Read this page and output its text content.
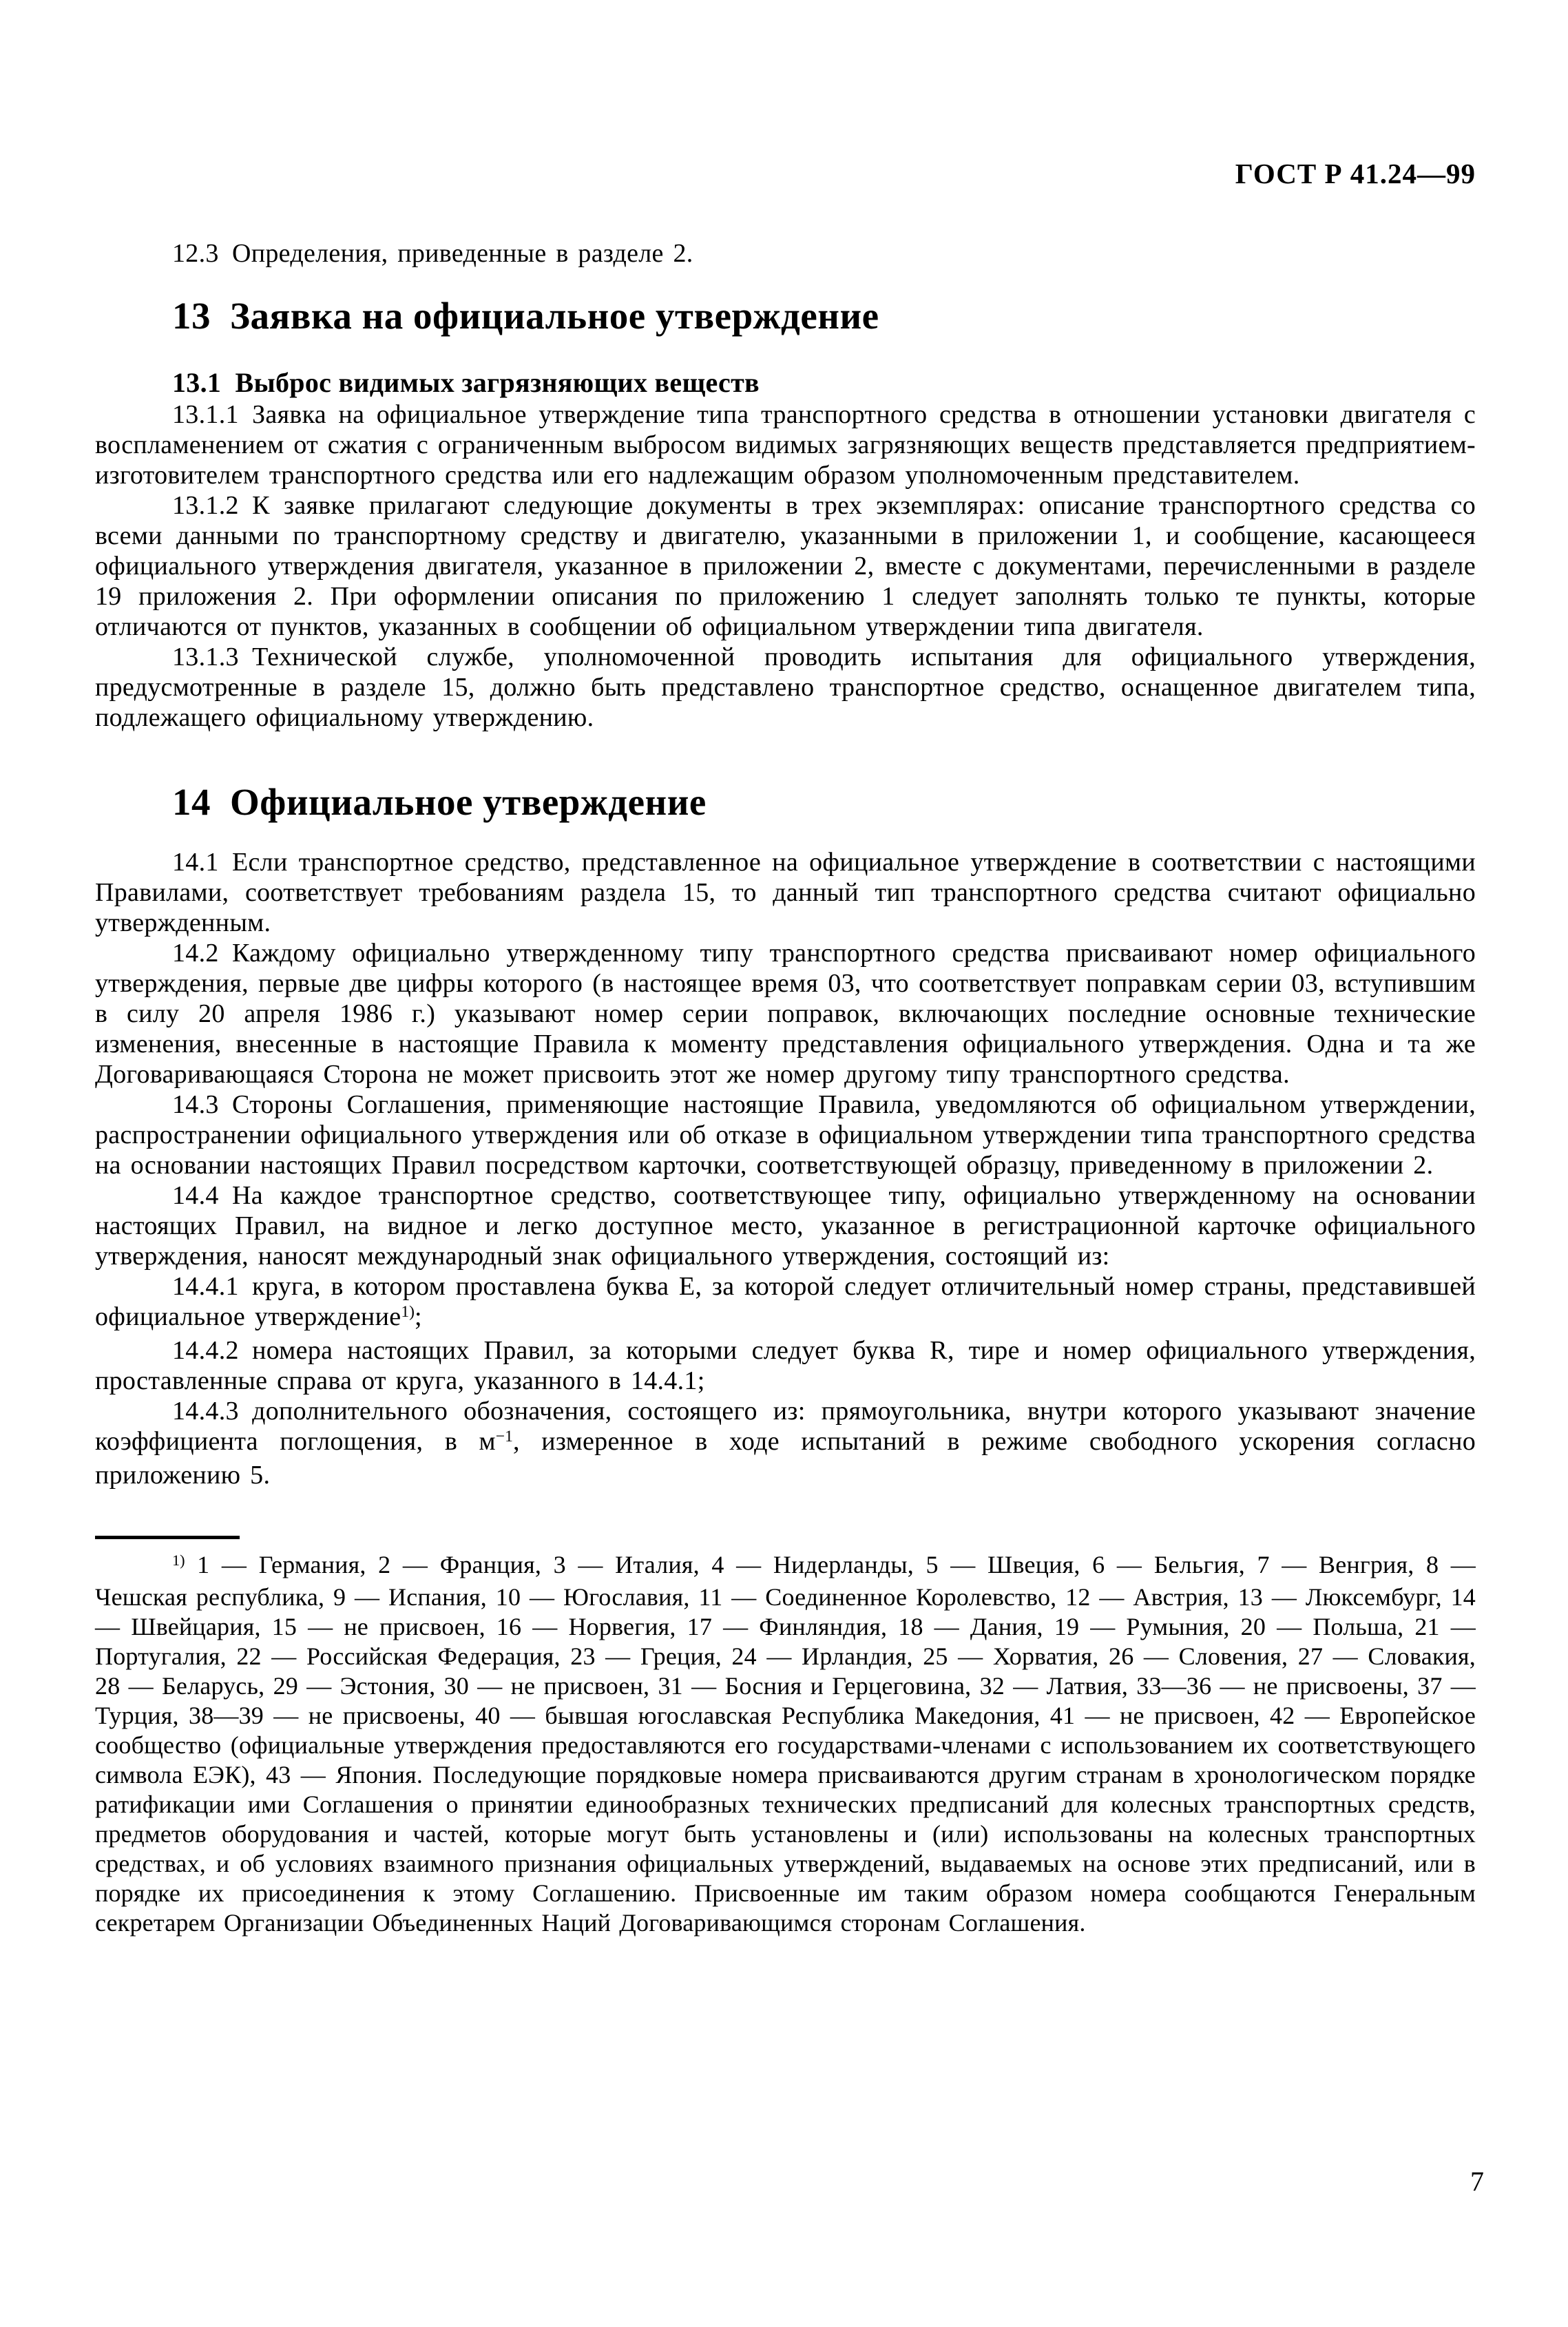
ГОСТ Р 41.24—99

12.3 Определения, приведенные в разделе 2.

13 Заявка на официальное утверждение

13.1 Выброс видимых загрязняющих веществ

13.1.1 Заявка на официальное утверждение типа транспортного средства в отношении установки двигателя с воспламенением от сжатия с ограниченным выбросом видимых загрязняющих веществ представляется предприятием-изготовителем транспортного средства или его надлежащим образом уполномоченным представителем.

13.1.2 К заявке прилагают следующие документы в трех экземплярах: описание транспортного средства со всеми данными по транспортному средству и двигателю, указанными в приложении 1, и сообщение, касающееся официального утверждения двигателя, указанное в приложении 2, вместе с документами, перечисленными в разделе 19 приложения 2. При оформлении описания по приложению 1 следует заполнять только те пункты, которые отличаются от пунктов, указанных в сообщении об официальном утверждении типа двигателя.

13.1.3 Технической службе, уполномоченной проводить испытания для официального утверждения, предусмотренные в разделе 15, должно быть представлено транспортное средство, оснащенное двигателем типа, подлежащего официальному утверждению.

14 Официальное утверждение

14.1 Если транспортное средство, представленное на официальное утверждение в соответствии с настоящими Правилами, соответствует требованиям раздела 15, то данный тип транспортного средства считают официально утвержденным.

14.2 Каждому официально утвержденному типу транспортного средства присваивают номер официального утверждения, первые две цифры которого (в настоящее время 03, что соответствует поправкам серии 03, вступившим в силу 20 апреля 1986 г.) указывают номер серии поправок, включающих последние основные технические изменения, внесенные в настоящие Правила к моменту представления официального утверждения. Одна и та же Договаривающаяся Сторона не может присвоить этот же номер другому типу транспортного средства.

14.3 Стороны Соглашения, применяющие настоящие Правила, уведомляются об официальном утверждении, распространении официального утверждения или об отказе в официальном утверждении типа транспортного средства на основании настоящих Правил посредством карточки, соответствующей образцу, приведенному в приложении 2.

14.4 На каждое транспортное средство, соответствующее типу, официально утвержденному на основании настоящих Правил, на видное и легко доступное место, указанное в регистрационной карточке официального утверждения, наносят международный знак официального утверждения, состоящий из:

14.4.1 круга, в котором проставлена буква Е, за которой следует отличительный номер страны, представившей официальное утверждение$^{1)}$;

14.4.2 номера настоящих Правил, за которыми следует буква R, тире и номер официального утверждения, проставленные справа от круга, указанного в 14.4.1;

14.4.3 дополнительного обозначения, состоящего из: прямоугольника, внутри которого указывают значение коэффициента поглощения, в $м^{-1}$, измеренное в ходе испытаний в режиме свободного ускорения согласно приложению 5.

$^{1)}$ 1 — Германия, 2 — Франция, 3 — Италия, 4 — Нидерланды, 5 — Швеция, 6 — Бельгия, 7 — Венгрия, 8 — Чешская республика, 9 — Испания, 10 — Югославия, 11 — Соединенное Королевство, 12 — Австрия, 13 — Люксембург, 14 — Швейцария, 15 — не присвоен, 16 — Норвегия, 17 — Финляндия, 18 — Дания, 19 — Румыния, 20 — Польша, 21 — Португалия, 22 — Российская Федерация, 23 — Греция, 24 — Ирландия, 25 — Хорватия, 26 — Словения, 27 — Словакия, 28 — Беларусь, 29 — Эстония, 30 — не присвоен, 31 — Босния и Герцеговина, 32 — Латвия, 33—36 — не присвоены, 37 — Турция, 38—39 — не присвоены, 40 — бывшая югославская Республика Македония, 41 — не присвоен, 42 — Европейское сообщество (официальные утверждения предоставляются его государствами-членами с использованием их соответствующего символа ЕЭК), 43 — Япония. Последующие порядковые номера присваиваются другим странам в хронологическом порядке ратификации ими Соглашения о принятии единообразных технических предписаний для колесных транспортных средств, предметов оборудования и частей, которые могут быть установлены и (или) использованы на колесных транспортных средствах, и об условиях взаимного признания официальных утверждений, выдаваемых на основе этих предписаний, или в порядке их присоединения к этому Соглашению. Присвоенные им таким образом номера сообщаются Генеральным секретарем Организации Объединенных Наций Договаривающимся сторонам Соглашения.

7
